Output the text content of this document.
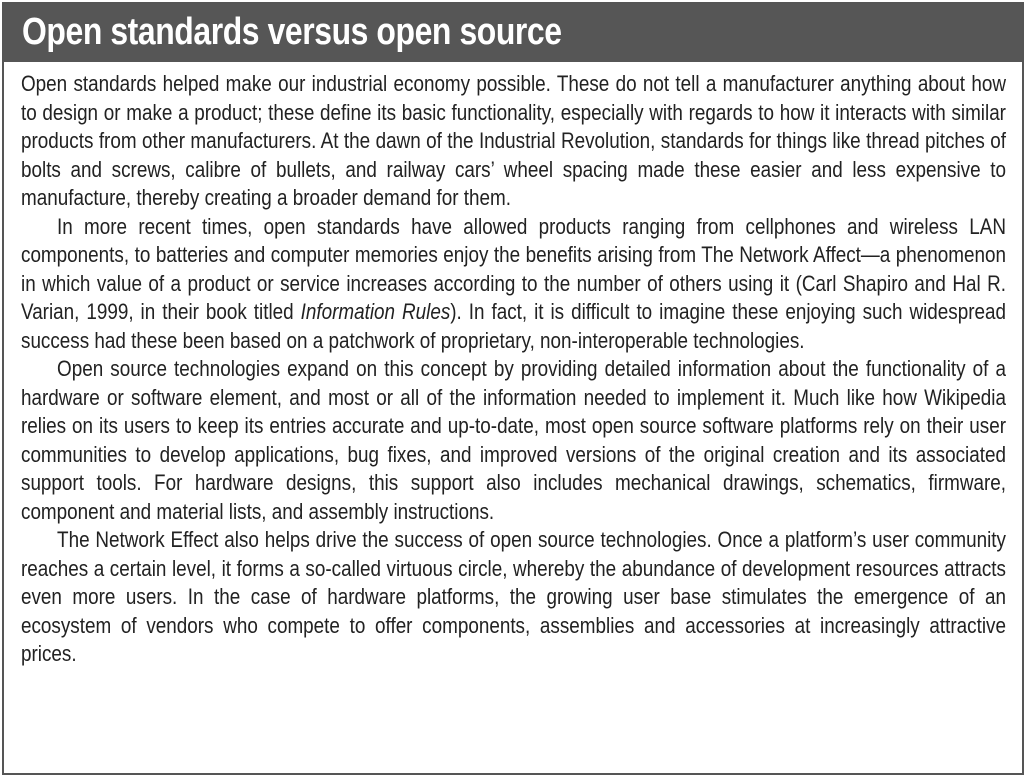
Open standards versus open source

Open standards helped make our industrial economy possible. These do not tell a manufacturer anything about how to design or make a product; these define its basic functionality, especially with regards to how it interacts with similar products from other manufacturers. At the dawn of the Industrial Revolution, standards for things like thread pitches of bolts and screws, calibre of bullets, and railway cars’ wheel spacing made these easier and less expensive to manufacture, thereby creating a broader demand for them.

In more recent times, open standards have allowed products ranging from cellphones and wireless LAN components, to batteries and computer memories enjoy the benefits arising from The Network Affect—a phenomenon in which value of a product or service increases according to the number of others using it (Carl Shapiro and Hal R. Varian, 1999, in their book titled Information Rules). In fact, it is difficult to imagine these enjoying such widespread success had these been based on a patchwork of proprietary, non-interoperable technologies.

Open source technologies expand on this concept by providing detailed information about the functionality of a hardware or software element, and most or all of the information needed to implement it. Much like how Wikipedia relies on its users to keep its entries accurate and up-to-date, most open source software platforms rely on their user communities to develop applications, bug fixes, and improved versions of the original creation and its associated support tools. For hardware designs, this support also includes mechanical drawings, schematics, firmware, component and material lists, and assembly instructions.

The Network Effect also helps drive the success of open source technologies. Once a platform’s user community reaches a certain level, it forms a so-called virtuous circle, whereby the abundance of development resources attracts even more users. In the case of hardware platforms, the growing user base stimulates the emergence of an ecosystem of vendors who compete to offer components, assemblies and accessories at increasingly attractive prices.
